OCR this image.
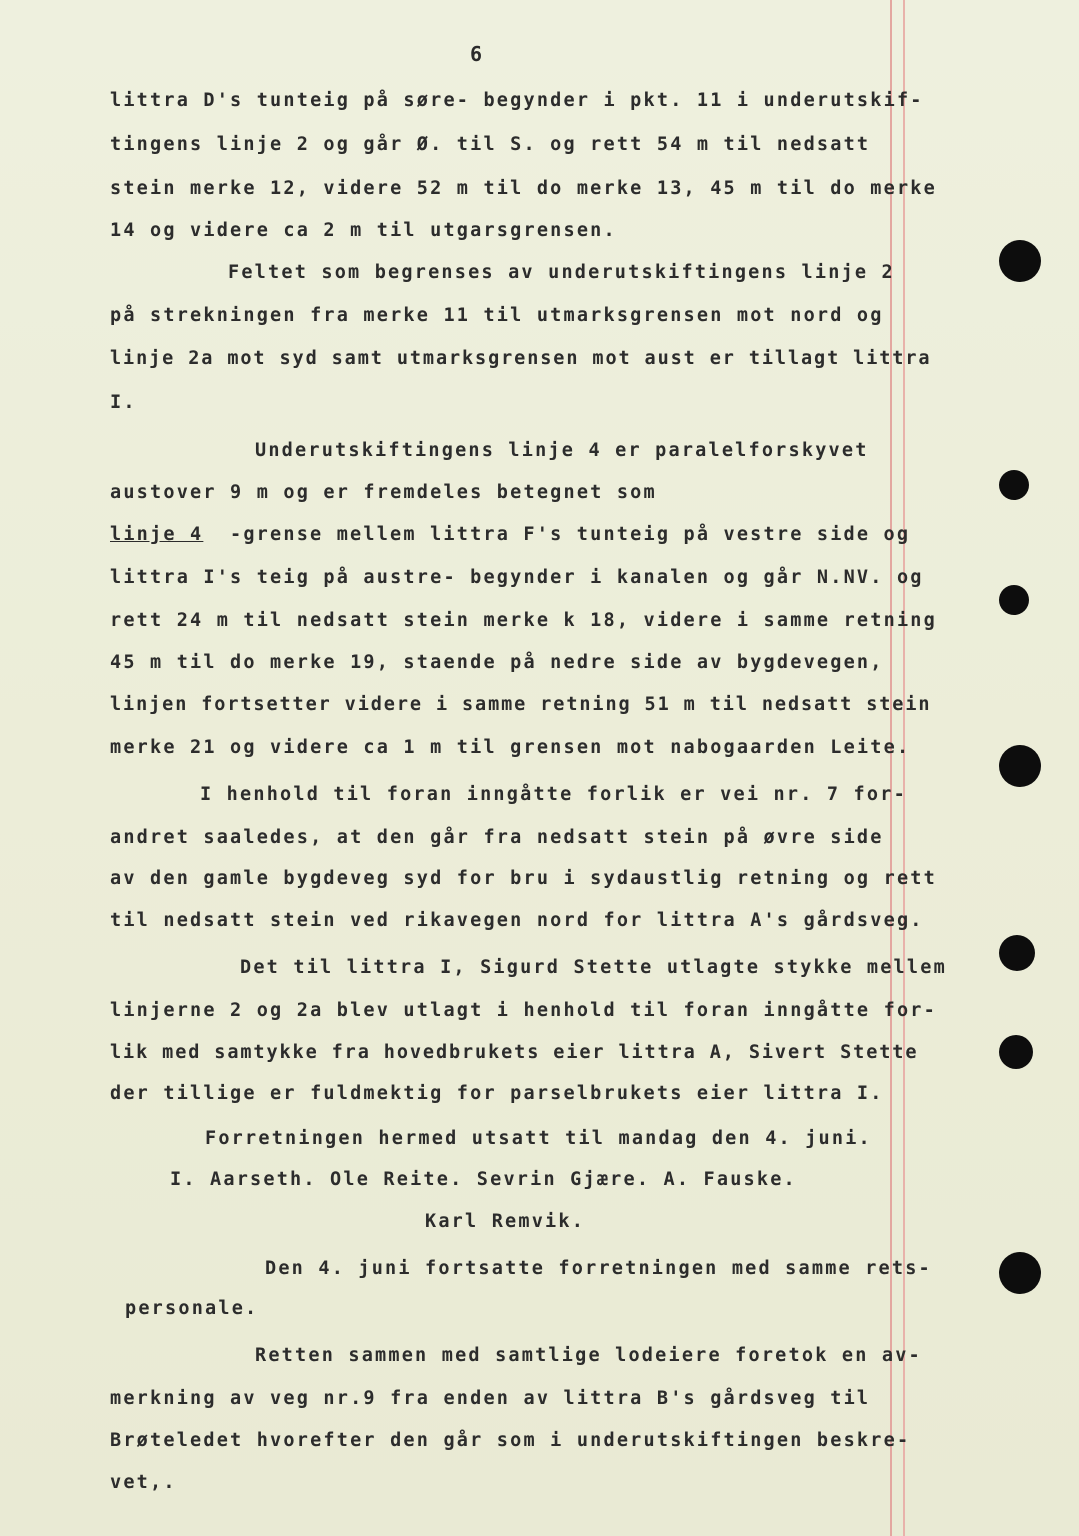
6
littra D's tunteig på søre- begynder i pkt. 11 i underutskif-
tingens linje 2 og går Ø. til S. og rett 54 m til nedsatt
stein merke 12, videre 52 m til do merke 13, 45 m til do merke
14 og videre ca 2 m til utgarsgrensen.
Feltet som begrenses av underutskiftingens linje 2
på strekningen fra merke 11 til utmarksgrensen mot nord og
linje 2a mot syd samt utmarksgrensen mot aust er tillagt littra
I.
Underutskiftingens linje 4 er paralelforskyvet
austover 9 m og er fremdeles betegnet som
linje 4 -grense mellem littra F's tunteig på vestre side og
littra I's teig på austre- begynder i kanalen og går N.NV. og
rett 24 m til nedsatt stein merke k 18, videre i samme retning
45 m til do merke 19, staende på nedre side av bygdevegen,
linjen fortsetter videre i samme retning 51 m til nedsatt stein
merke 21 og videre ca 1 m til grensen mot nabogaarden Leite.
I henhold til foran inngåtte forlik er vei nr. 7 for-
andret saaledes, at den går fra nedsatt stein på øvre side
av den gamle bygdeveg syd for bru i sydaustlig retning og rett
til nedsatt stein ved rikavegen nord for littra A's gårdsveg.
Det til littra I, Sigurd Stette utlagte stykke mellem
linjerne 2 og 2a blev utlagt i henhold til foran inngåtte for-
lik med samtykke fra hovedbrukets eier littra A, Sivert Stette
der tillige er fuldmektig for parselbrukets eier littra I.
Forretningen hermed utsatt til mandag den 4. juni.
I. Aarseth. Ole Reite. Sevrin Gjære. A. Fauske.
Karl Remvik.
Den 4. juni fortsatte forretningen med samme rets-
personale.
Retten sammen med samtlige lodeiere foretok en av-
merkning av veg nr.9 fra enden av littra B's gårdsveg til
Brøteledet hvorefter den går som i underutskiftingen beskre-
vet,.
